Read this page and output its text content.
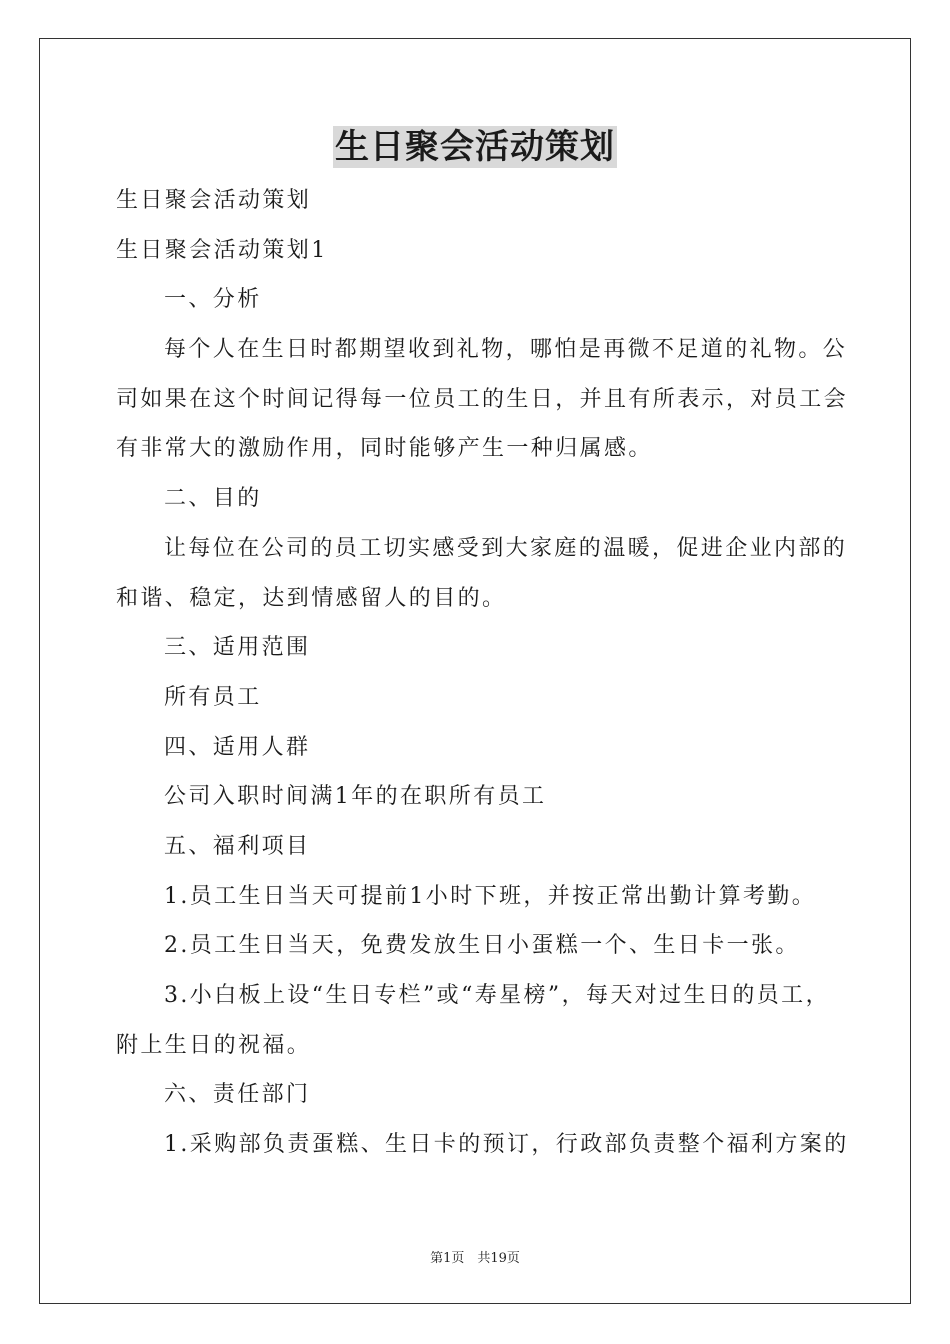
生日聚会活动策划
生日聚会活动策划
生日聚会活动策划1
一、分析
每个人在生日时都期望收到礼物，哪怕是再微不足道的礼物。公
司如果在这个时间记得每一位员工的生日，并且有所表示，对员工会
有非常大的激励作用，同时能够产生一种归属感。
二、目的
让每位在公司的员工切实感受到大家庭的温暖，促进企业内部的
和谐、稳定，达到情感留人的目的。
三、适用范围
所有员工
四、适用人群
公司入职时间满1年的在职所有员工
五、福利项目
1.员工生日当天可提前1小时下班，并按正常出勤计算考勤。
2.员工生日当天，免费发放生日小蛋糕一个、生日卡一张。
3.小白板上设“生日专栏”或“寿星榜”，每天对过生日的员工，
附上生日的祝福。
六、责任部门
1.采购部负责蛋糕、生日卡的预订，行政部负责整个福利方案的
第1页　共19页
